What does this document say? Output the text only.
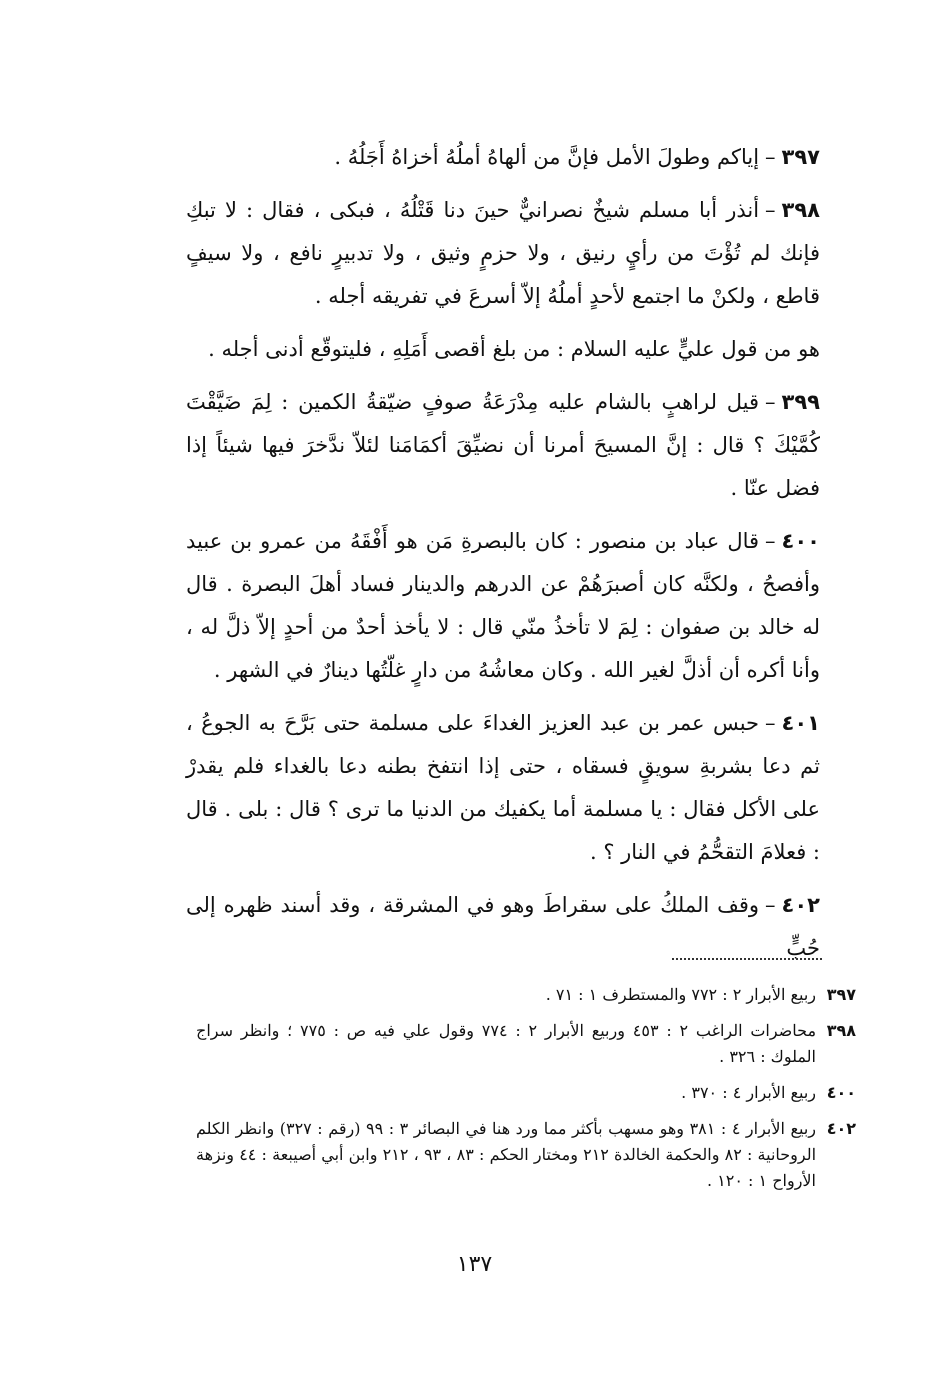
٣٩٧–إياكم وطولَ الأمل فإنَّ من ألهاهُ أملُهُ أخزاهُ أَجَلُهُ .

٣٩٨–أنذر أبا مسلم شيخٌ نصرانيٌّ حينَ دنا قَتْلُهُ ، فبكى ، فقال : لا تبكِ فإنك لم تُؤْتَ من رأيٍ رنيق ، ولا حزمٍ وثيق ، ولا تدبيرٍ نافع ، ولا سيفٍ قاطع ، ولكنْ ما اجتمع لأحدٍ أملُهُ إلاّ أسرعَ في تفريقه أجله .

هو من قول عليٍّ عليه السلام : من بلغ أقصى أَمَلِهِ ، فليتوقّع أدنى أجله .

٣٩٩–قيل لراهبٍ بالشام عليه مِدْرَعَةُ صوفٍ ضيّقةُ الكمين : لِمَ ضَيَّقْتَ كُمَّيْكَ ؟ قال : إنَّ المسيحَ أمرنا أن نضيِّقَ أكمَامَنا لئلاّ ندَّخرَ فيها شيئاً إذا فضل عنّا .

٤٠٠–قال عباد بن منصور : كان بالبصرةِ مَن هو أَفْقَهُ من عمرو بن عبيد وأفصحُ ، ولكنَّه كان أصبرَهُمْ عن الدرهم والدينار فساد أهلَ البصرة . قال له خالد بن صفوان : لِمَ لا تأخذُ منّي قال : لا يأخذ أحدٌ من أحدٍ إلاّ ذلَّ له ، وأنا أكره أن أذلَّ لغير الله . وكان معاشُهُ من دارٍ غلّتُها دينارٌ في الشهر .

٤٠١–حبس عمر بن عبد العزيز الغداءَ على مسلمة حتى بَرَّحَ به الجوعُ ، ثم دعا بشربةِ سويقٍ فسقاه ، حتى إذا انتفخ بطنه دعا بالغداء فلم يقدرْ على الأكل فقال : يا مسلمة أما يكفيك من الدنيا ما ترى ؟ قال : بلى . قال : فعلامَ التقحُّمُ في النار ؟ .

٤٠٢–وقف الملكُ على سقراطَ وهو في المشرقة ، وقد أسند ظهره إلى حُبٍّ

٣٩٧
ربيع الأبرار ٢ : ٧٧٢ والمستطرف ١ : ٧١ .
٣٩٨
محاضرات الراغب ٢ : ٤٥٣ وربيع الأبرار ٢ : ٧٧٤ وقول علي فيه ص : ٧٧٥ ؛ وانظر سراج الملوك : ٣٢٦ .
٤٠٠
ربيع الأبرار ٤ : ٣٧٠ .
٤٠٢
ربيع الأبرار ٤ : ٣٨١ وهو مسهب بأكثر مما ورد هنا في البصائر ٣ : ٩٩ (رقم : ٣٢٧) وانظر الكلم الروحانية : ٨٢ والحكمة الخالدة ٢١٢ ومختار الحكم : ٨٣ ، ٩٣ ، ٢١٢ وابن أبي أصيبعة : ٤٤ ونزهة الأرواح ١ : ١٢٠ .
١٣٧
